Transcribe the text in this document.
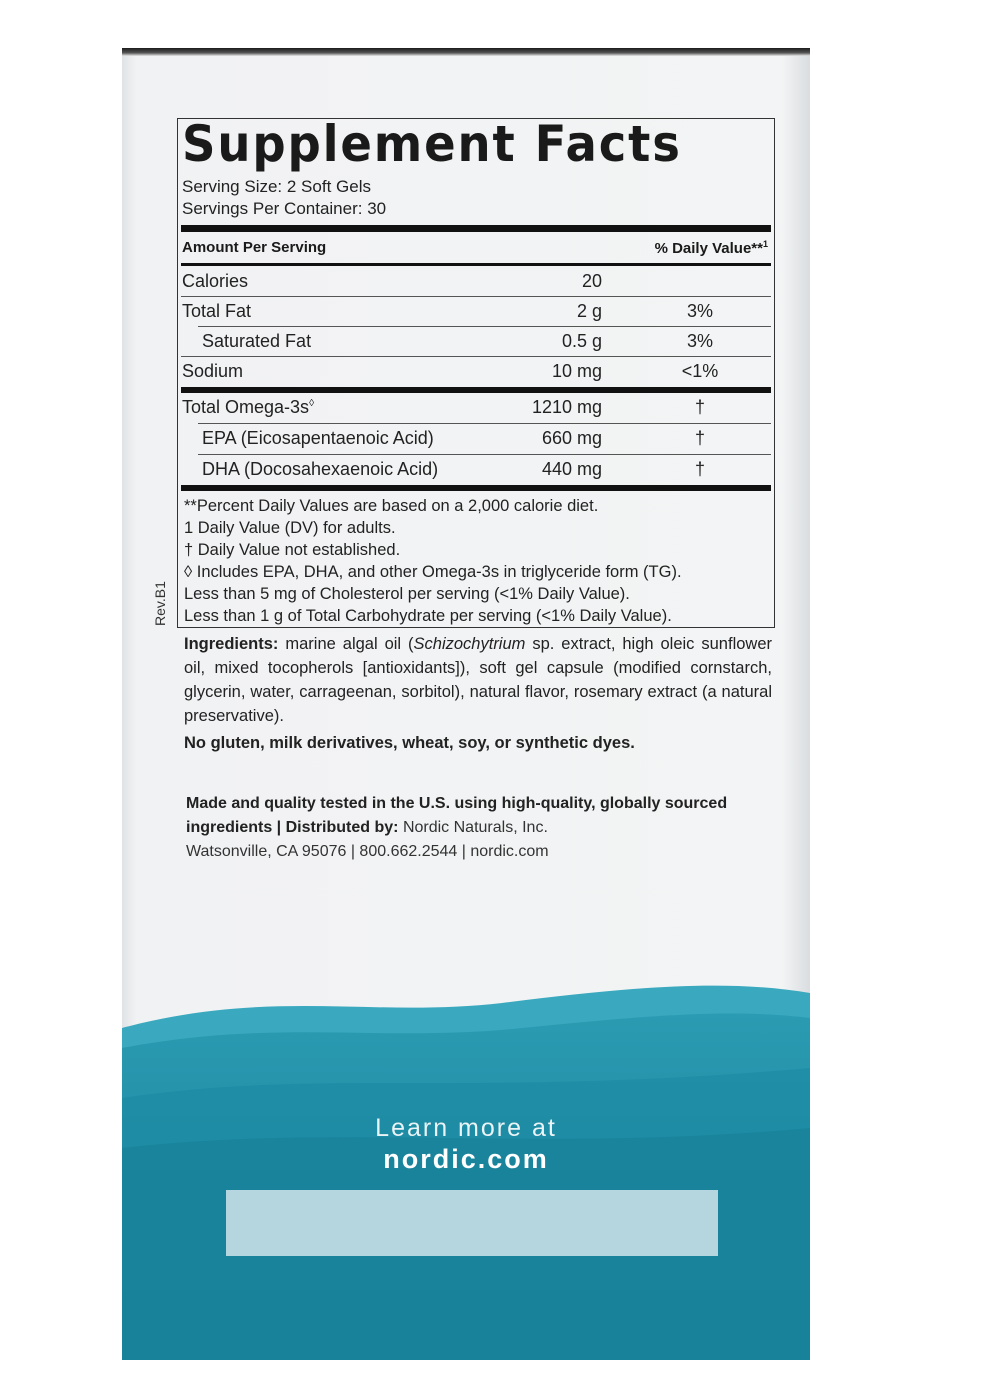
Supplement Facts
Serving Size: 2 Soft Gels
Servings Per Container: 30
Amount Per Serving	% Daily Value**$^1$
Calories	20
Total Fat	2 g	3%
Saturated Fat	0.5 g	3%
Sodium	10 mg	<1%
Total Omega-3s◊	1210 mg	†
EPA (Eicosapentaenoic Acid)	660 mg	†
DHA (Docosahexaenoic Acid)	440 mg	†
**Percent Daily Values are based on a 2,000 calorie diet.
1 Daily Value (DV) for adults.
† Daily Value not established.
◊ Includes EPA, DHA, and other Omega-3s in triglyceride form (TG).
Less than 5 mg of Cholesterol per serving (<1% Daily Value).
Less than 1 g of Total Carbohydrate per serving (<1% Daily Value).
Rev.B1
Ingredients: marine algal oil (Schizochytrium sp. extract, high oleic sunflower oil, mixed tocopherols [antioxidants]), soft gel capsule (modified cornstarch, glycerin, water, carrageenan, sorbitol), natural flavor, rosemary extract (a natural preservative).
No gluten, milk derivatives, wheat, soy, or synthetic dyes.
Made and quality tested in the U.S. using high-quality, globally sourced ingredients | Distributed by: Nordic Naturals, Inc.
Watsonville, CA 95076 | 800.662.2544 | nordic.com
Learn more at
nordic.com
